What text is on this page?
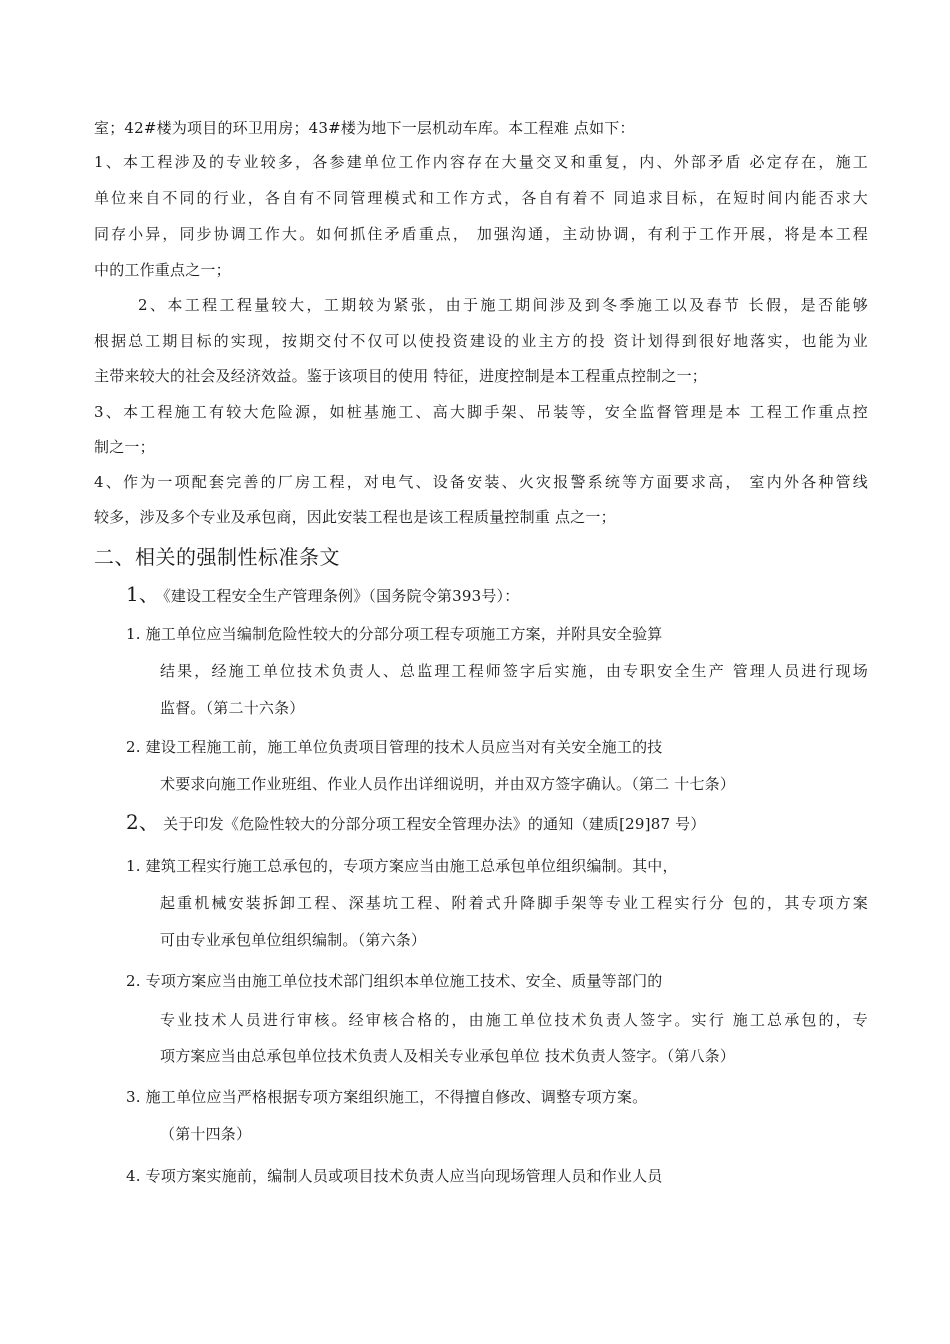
室；42#楼为项目的环卫用房；43#楼为地下一层机动车库。本工程难 点如下：
1、本工程涉及的专业较多，各参建单位工作内容存在大量交叉和重复，内、外部矛盾 必定存在，施工
单位来自不同的行业，各自有不同管理模式和工作方式，各自有着不 同追求目标，在短时间内能否求大
同存小异，同步协调工作大。如何抓住矛盾重点， 加强沟通，主动协调，有利于工作开展，将是本工程
中的工作重点之一；
2、本工程工程量较大，工期较为紧张，由于施工期间涉及到冬季施工以及春节 长假，是否能够
根据总工期目标的实现，按期交付不仅可以使投资建设的业主方的投 资计划得到很好地落实，也能为业
主带来较大的社会及经济效益。鉴于该项目的使用 特征，进度控制是本工程重点控制之一；
3、本工程施工有较大危险源，如桩基施工、高大脚手架、吊装等，安全监督管理是本 工程工作重点控
制之一；
4、作为一项配套完善的厂房工程，对电气、设备安装、火灾报警系统等方面要求高， 室内外各种管线
较多，涉及多个专业及承包商，因此安装工程也是该工程质量控制重 点之一；
二、相关的强制性标准条文
1、 《建设工程安全生产管理条例》（国务院令第393号）：
1. 施工单位应当编制危险性较大的分部分项工程专项施工方案，并附具安全验算
结果，经施工单位技术负责人、总监理工程师签字后实施，由专职安全生产 管理人员进行现场
监督。（第二十六条）
2. 建设工程施工前，施工单位负责项目管理的技术人员应当对有关安全施工的技
术要求向施工作业班组、作业人员作出详细说明，并由双方签字确认。（第二 十七条）
2、 关于印发《危险性较大的分部分项工程安全管理办法》的通知（建质[29]87 号）
1. 建筑工程实行施工总承包的，专项方案应当由施工总承包单位组织编制。其中，
起重机械安装拆卸工程、深基坑工程、附着式升降脚手架等专业工程实行分 包的，其专项方案
可由专业承包单位组织编制。（第六条）
2. 专项方案应当由施工单位技术部门组织本单位施工技术、安全、质量等部门的
专业技术人员进行审核。经审核合格的，由施工单位技术负责人签字。实行 施工总承包的，专
项方案应当由总承包单位技术负责人及相关专业承包单位 技术负责人签字。（第八条）
3. 施工单位应当严格根据专项方案组织施工，不得擅自修改、调整专项方案。
（第十四条）
4. 专项方案实施前，编制人员或项目技术负责人应当向现场管理人员和作业人员
